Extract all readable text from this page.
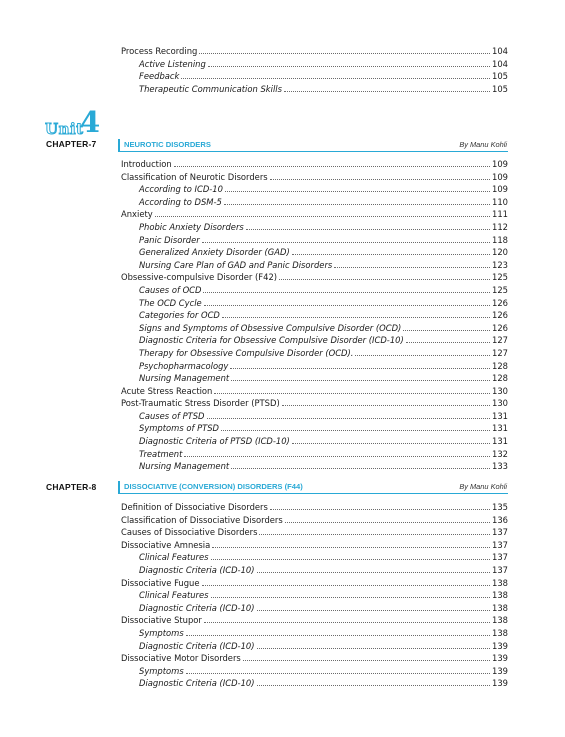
Process Recording	104
Active Listening	104
Feedback	105
Therapeutic Communication Skills	105
Unit
4
CHAPTER-7	NEUROTIC DISORDERS	By Manu Kohli
Introduction	109
Classification of Neurotic Disorders	109
According to ICD-10	109
According to DSM-5	110
Anxiety	111
Phobic Anxiety Disorders	112
Panic Disorder	118
Generalized Anxiety Disorder (GAD)	120
Nursing Care Plan of GAD and Panic Disorders	123
Obsessive-compulsive Disorder (F42)	125
Causes of OCD	125
The OCD Cycle	126
Categories for OCD	126
Signs and Symptoms of Obsessive Compulsive Disorder (OCD)	126
Diagnostic Criteria for Obsessive Compulsive Disorder (ICD-10)	127
Therapy for Obsessive Compulsive Disorder (OCD).	127
Psychopharmacology	128
Nursing Management	128
Acute Stress Reaction	130
Post-Traumatic Stress Disorder (PTSD)	130
Causes of PTSD	131
Symptoms of PTSD	131
Diagnostic Criteria of PTSD (ICD-10)	131
Treatment	132
Nursing Management	133
CHAPTER-8	DISSOCIATIVE (CONVERSION) DISORDERS (F44)	By Manu Kohli
Definition of Dissociative Disorders	135
Classification of Dissociative Disorders	136
Causes of Dissociative Disorders	137
Dissociative Amnesia	137
Clinical Features	137
Diagnostic Criteria (ICD-10)	137
Dissociative Fugue	138
Clinical Features	138
Diagnostic Criteria (ICD-10)	138
Dissociative Stupor	138
Symptoms	138
Diagnostic Criteria (ICD-10)	139
Dissociative Motor Disorders	139
Symptoms	139
Diagnostic Criteria (ICD-10)	139
